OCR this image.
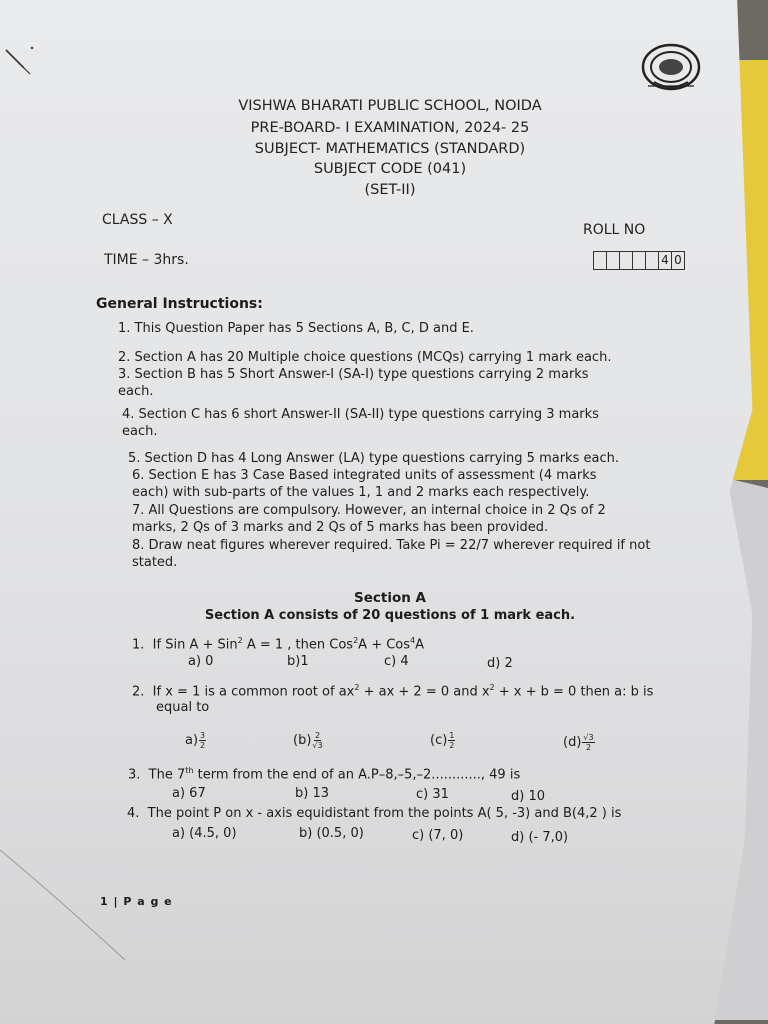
VISHWA BHARATI PUBLIC SCHOOL, NOIDA
PRE-BOARD- I EXAMINATION, 2024- 25
SUBJECT- MATHEMATICS (STANDARD)
SUBJECT CODE (041)
(SET-II)
CLASS – X
ROLL NO
TIME – 3hrs.	4 0
General Instructions:
1. This Question Paper has 5 Sections A, B, C, D and E.
2. Section A has 20 Multiple choice questions (MCQs) carrying 1 mark each.
3. Section B has 5 Short Answer-I (SA-I) type questions carrying 2 marks each.
4. Section C has 6 short Answer-II (SA-II) type questions carrying 3 marks each.
5. Section D has 4 Long Answer (LA) type questions carrying 5 marks each.
6. Section E has 3 Case Based integrated units of assessment (4 marks each) with sub-parts of the values 1, 1 and 2 marks each respectively.
7. All Questions are compulsory. However, an internal choice in 2 Qs of 2 marks, 2 Qs of 3 marks and 2 Qs of 5 marks has been provided.
8. Draw neat figures wherever required. Take Pi = 22/7 wherever required if not stated.
Section A
Section A consists of 20 questions of 1 mark each.
1. If Sin A + Sin$^2$ A = 1 , then Cos$^2$A + Cos$^4$A
a) 0	b)1	c) 4	d) 2
2. If x = 1 is a common root of $ax^2$ + ax + 2 = 0 and $x^2 + x + b = 0$ then a: b is
equal to
$a) \frac{3}{2}$	$(b) \frac{2}{√3}$	$(c) \frac{1}{2}$	$(d) \frac{√3}{2}$
3. The 7th term from the end of an A.P–8,–5,–2............, 49 is
a) 67	b) 13	c) 31	d) 10
4. The point P on x - axis equidistant from the points A( 5, -3) and B(4,2 ) is
a) (4.5, 0)	b) (0.5, 0)	c) (7, 0)	d) (- 7,0)
1 | P a g e
